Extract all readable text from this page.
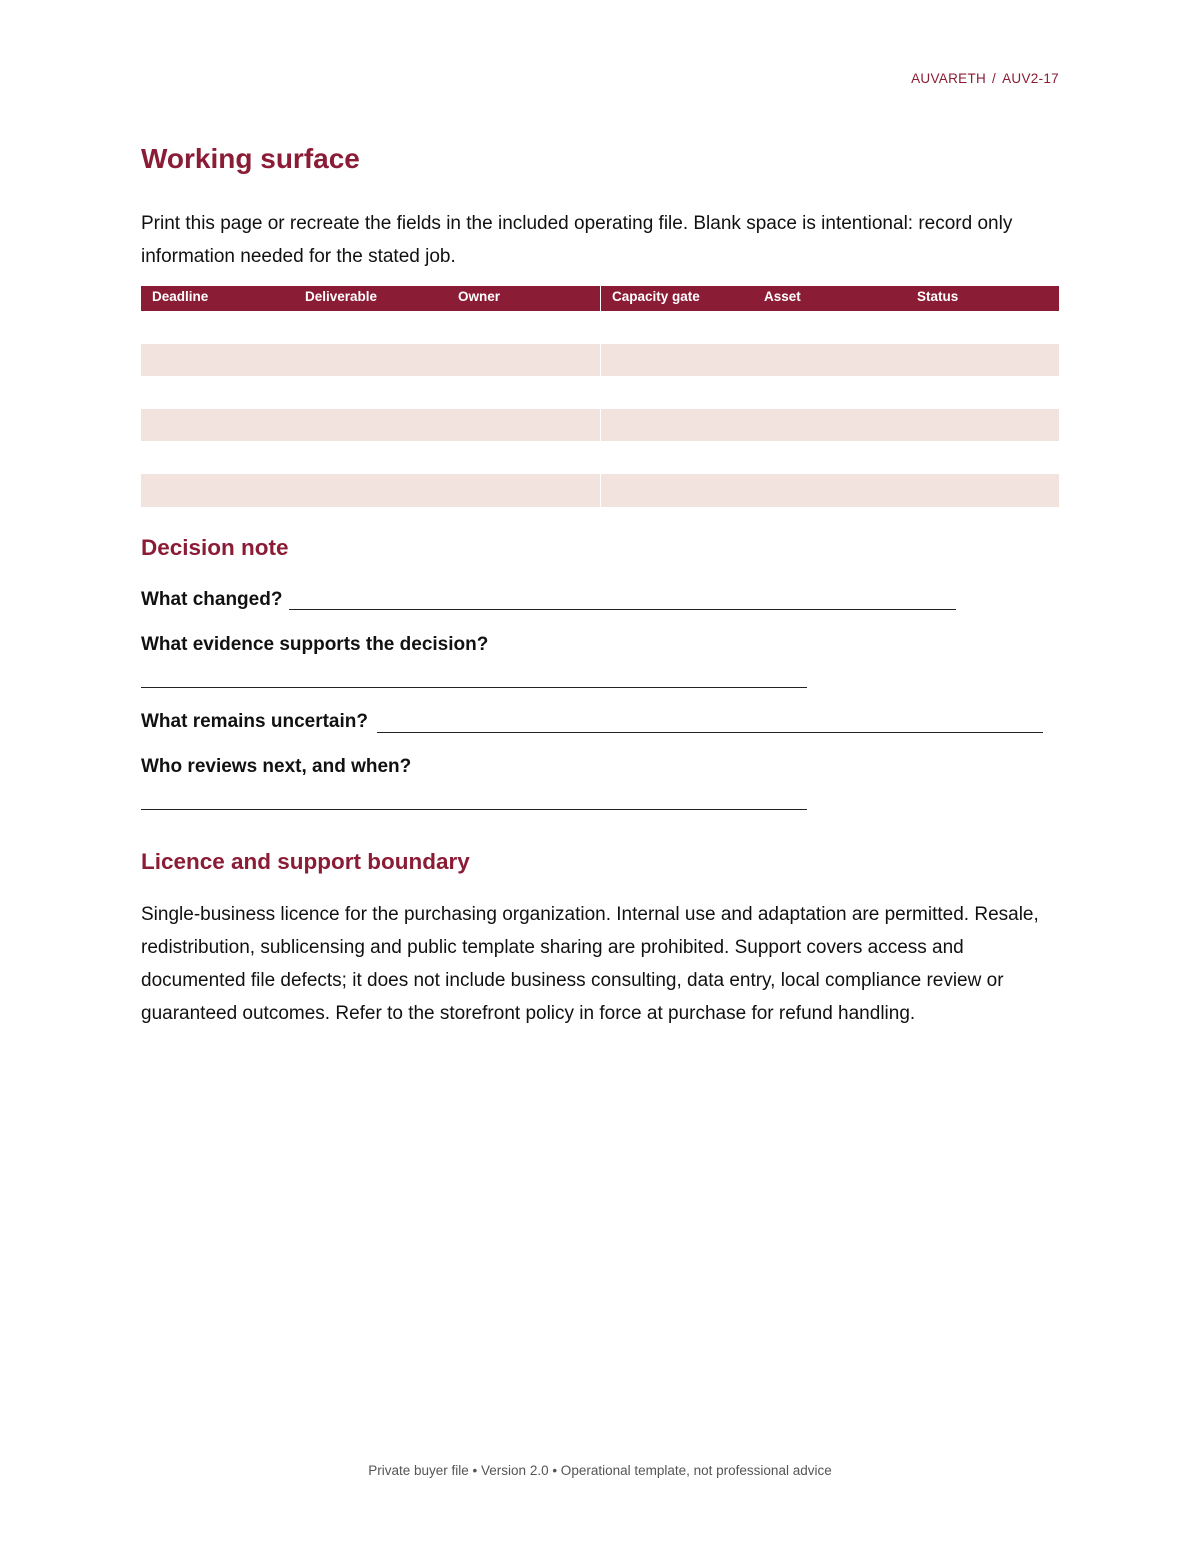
AUVARETH / AUV2-17
Working surface

Print this page or recreate the fields in the included operating file. Blank space is intentional: record only information needed for the stated job.

Deadline	Deliverable	Owner	Capacity gate	Asset	Status
Decision note
What changed?
What evidence supports the decision?
What remains uncertain?
Who reviews next, and when?
Licence and support boundary

Single-business licence for the purchasing organization. Internal use and adaptation are permitted. Resale, redistribution, sublicensing and public template sharing are prohibited. Support covers access and documented file defects; it does not include business consulting, data entry, local compliance review or guaranteed outcomes. Refer to the storefront policy in force at purchase for refund handling.

Private buyer file • Version 2.0 • Operational template, not professional advice
